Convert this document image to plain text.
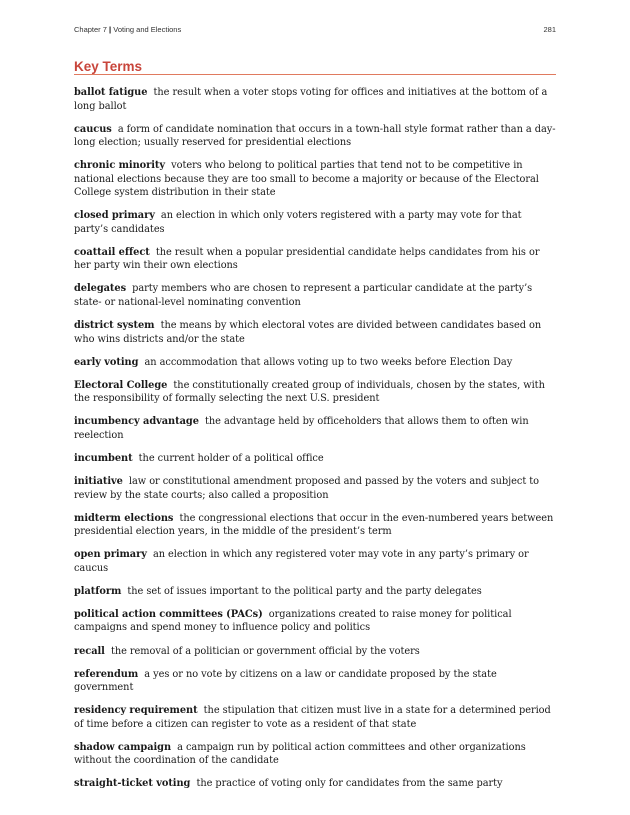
Chapter 7 | Voting and Elections	281
Key Terms

ballot fatigue the result when a voter stops voting for offices and initiatives at the bottom of a long ballot

caucus a form of candidate nomination that occurs in a town-hall style format rather than a day-long election; usually reserved for presidential elections

chronic minority voters who belong to political parties that tend not to be competitive in national elections because they are too small to become a majority or because of the Electoral College system distribution in their state

closed primary an election in which only voters registered with a party may vote for that party’s candidates

coattail effect the result when a popular presidential candidate helps candidates from his or her party win their own elections

delegates party members who are chosen to represent a particular candidate at the party’s state- or national-level nominating convention

district system the means by which electoral votes are divided between candidates based on who wins districts and/or the state

early voting an accommodation that allows voting up to two weeks before Election Day

Electoral College the constitutionally created group of individuals, chosen by the states, with the responsibility of formally selecting the next U.S. president

incumbency advantage the advantage held by officeholders that allows them to often win reelection

incumbent the current holder of a political office

initiative law or constitutional amendment proposed and passed by the voters and subject to review by the state courts; also called a proposition

midterm elections the congressional elections that occur in the even-numbered years between presidential election years, in the middle of the president’s term

open primary an election in which any registered voter may vote in any party’s primary or caucus

platform the set of issues important to the political party and the party delegates

political action committees (PACs) organizations created to raise money for political campaigns and spend money to influence policy and politics

recall the removal of a politician or government official by the voters

referendum a yes or no vote by citizens on a law or candidate proposed by the state government

residency requirement the stipulation that citizen must live in a state for a determined period of time before a citizen can register to vote as a resident of that state

shadow campaign a campaign run by political action committees and other organizations without the coordination of the candidate

straight-ticket voting the practice of voting only for candidates from the same party
